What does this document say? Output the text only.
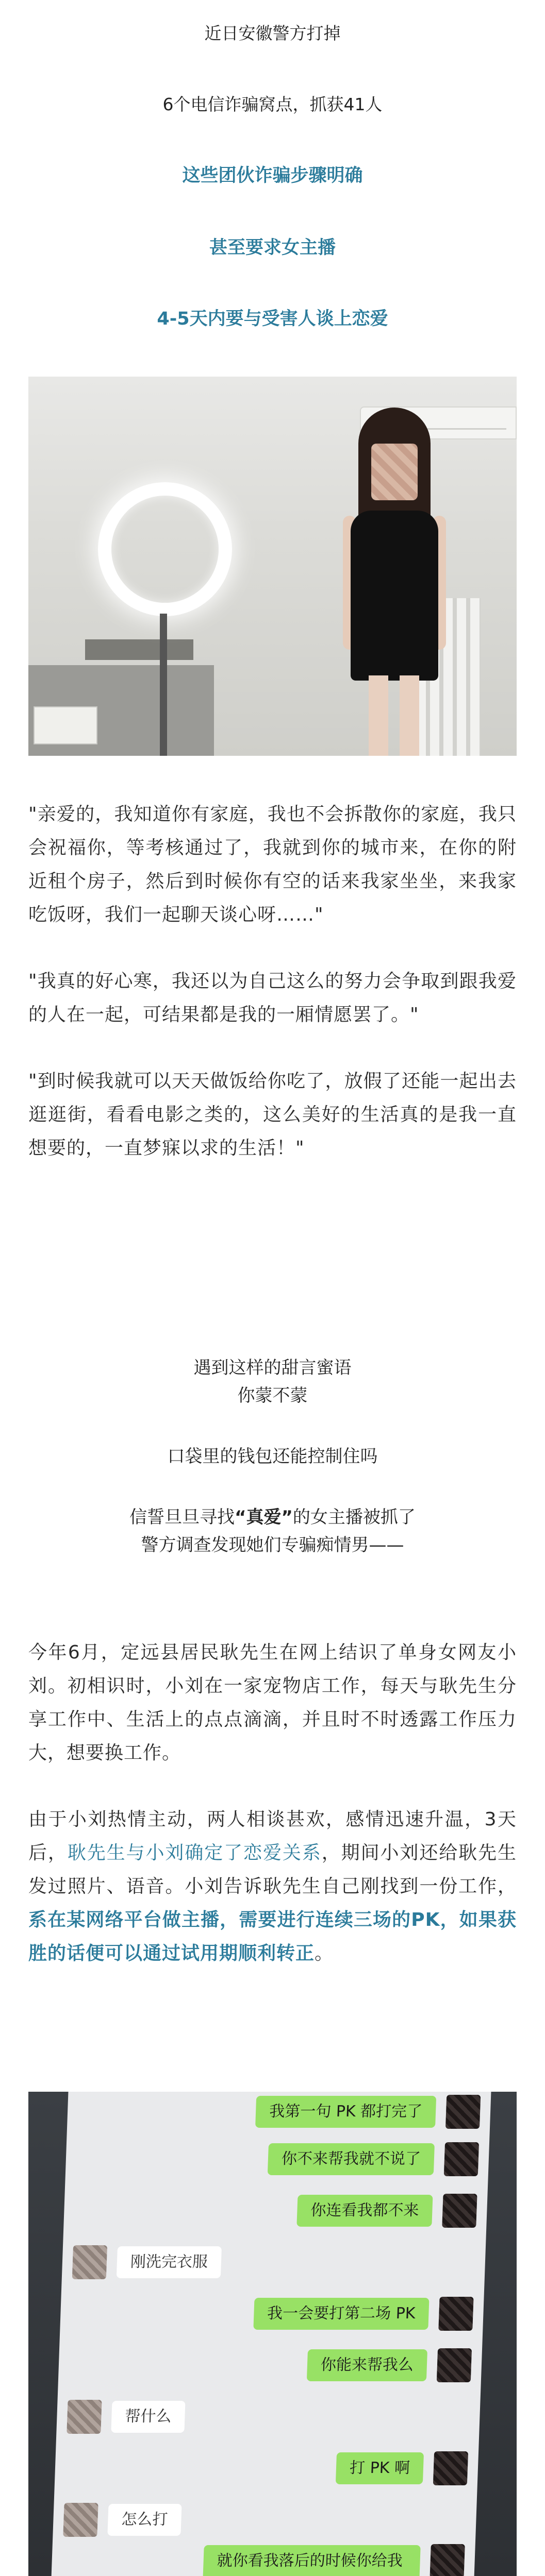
近日安徽警方打掉
6个电信诈骗窝点，抓获41人
这些团伙诈骗步骤明确
甚至要求女主播
4-5天内要与受害人谈上恋爱
"亲爱的，我知道你有家庭，我也不会拆散你的家庭，我只会祝福你，等考核通过了，我就到你的城市来，在你的附近租个房子，然后到时候你有空的话来我家坐坐，来我家吃饭呀，我们一起聊天谈心呀……"
"我真的好心寒，我还以为自己这么的努力会争取到跟我爱的人在一起，可结果都是我的一厢情愿罢了。"
"到时候我就可以天天做饭给你吃了，放假了还能一起出去逛逛街，看看电影之类的，这么美好的生活真的是我一直想要的，一直梦寐以求的生活！"
遇到这样的甜言蜜语
你蒙不蒙
口袋里的钱包还能控制住吗
信誓旦旦寻找“真爱”的女主播被抓了
警方调查发现她们专骗痴情男——
今年6月，定远县居民耿先生在网上结识了单身女网友小刘。初相识时，小刘在一家宠物店工作，每天与耿先生分享工作中、生活上的点点滴滴，并且时不时透露工作压力大，想要换工作。
由于小刘热情主动，两人相谈甚欢，感情迅速升温，3天后，耿先生与小刘确定了恋爱关系，期间小刘还给耿先生发过照片、语音。小刘告诉耿先生自己刚找到一份工作，系在某网络平台做主播，需要进行连续三场的PK，如果获胜的话便可以通过试用期顺利转正。
我第一句 PK 都打完了
你不来帮我就不说了
你连看我都不来
刚洗完衣服
我一会要打第二场 PK
你能来帮我么
帮什么
打 PK 啊
怎么打
就你看我落后的时候你给我上上礼物
